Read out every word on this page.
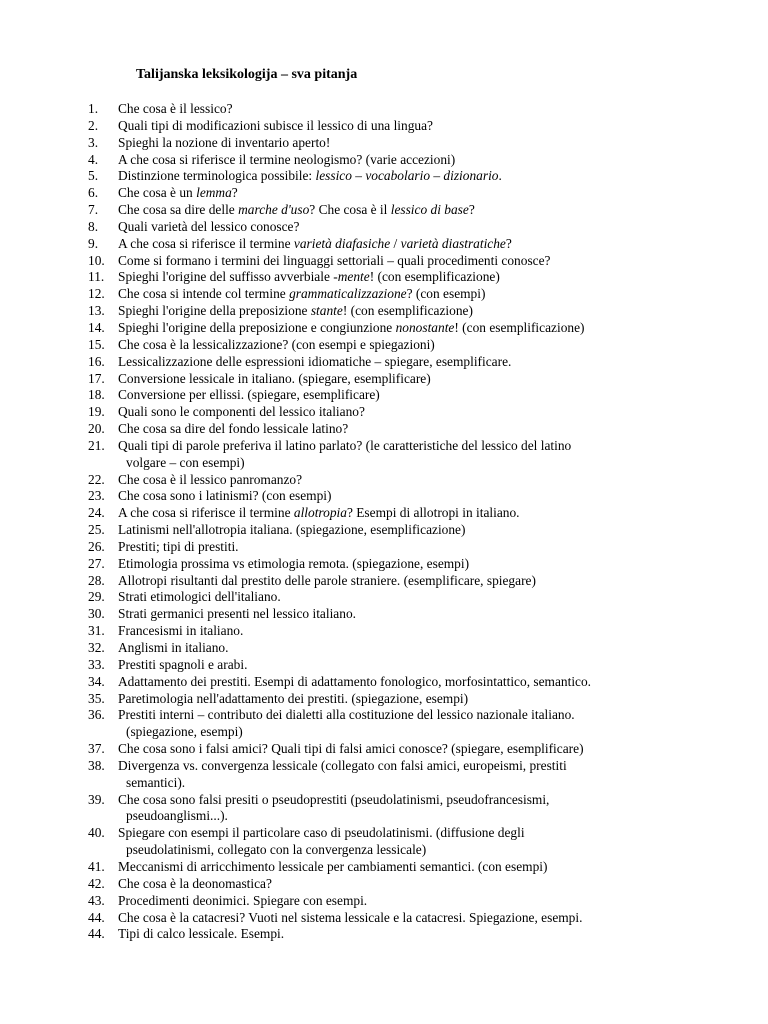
Talijanska leksikologija – sva pitanja
1. Che cosa è il lessico?
2. Quali tipi di modificazioni subisce il lessico di una lingua?
3. Spieghi la nozione di inventario aperto!
4. A che cosa si riferisce il termine neologismo? (varie accezioni)
5. Distinzione terminologica possibile: lessico – vocabolario – dizionario.
6. Che cosa è un lemma?
7. Che cosa sa dire delle marche d'uso? Che cosa è il lessico di base?
8. Quali varietà del lessico conosce?
9. A che cosa si riferisce il termine varietà diafasiche / varietà diastratiche?
10. Come si formano i termini dei linguaggi settoriali – quali procedimenti conosce?
11. Spieghi l'origine del suffisso avverbiale -mente! (con esemplificazione)
12. Che cosa si intende col termine grammaticalizzazione? (con esempi)
13. Spieghi l'origine della preposizione stante! (con esemplificazione)
14. Spieghi l'origine della preposizione e congiunzione nonostante! (con esemplificazione)
15. Che cosa è la lessicalizzazione? (con esempi e spiegazioni)
16. Lessicalizzazione delle espressioni idiomatiche – spiegare, esemplificare.
17. Conversione lessicale in italiano. (spiegare, esemplificare)
18. Conversione per ellissi. (spiegare, esemplificare)
19. Quali sono le componenti del lessico italiano?
20. Che cosa sa dire del fondo lessicale latino?
21. Quali tipi di parole preferiva il latino parlato? (le caratteristiche del lessico del latino
volgare – con esempi)
22. Che cosa è il lessico panromanzo?
23. Che cosa sono i latinismi? (con esempi)
24. A che cosa si riferisce il termine allotropia? Esempi di allotropi in italiano.
25. Latinismi nell'allotropia italiana. (spiegazione, esemplificazione)
26. Prestiti; tipi di prestiti.
27. Etimologia prossima vs etimologia remota. (spiegazione, esempi)
28. Allotropi risultanti dal prestito delle parole straniere. (esemplificare, spiegare)
29. Strati etimologici dell'italiano.
30. Strati germanici presenti nel lessico italiano.
31. Francesismi in italiano.
32. Anglismi in italiano.
33. Prestiti spagnoli e arabi.
34. Adattamento dei prestiti. Esempi di adattamento fonologico, morfosintattico, semantico.
35. Paretimologia nell'adattamento dei prestiti. (spiegazione, esempi)
36. Prestiti interni – contributo dei dialetti alla costituzione del lessico nazionale italiano.
(spiegazione, esempi)
37. Che cosa sono i falsi amici? Quali tipi di falsi amici conosce? (spiegare, esemplificare)
38. Divergenza vs. convergenza lessicale (collegato con falsi amici, europeismi, prestiti
semantici).
39. Che cosa sono falsi presiti o pseudoprestiti (pseudolatinismi, pseudofrancesismi,
pseudoanglismi...).
40. Spiegare con esempi il particolare caso di pseudolatinismi. (diffusione degli
pseudolatinismi, collegato con la convergenza lessicale)
41. Meccanismi di arricchimento lessicale per cambiamenti semantici. (con esempi)
42. Che cosa è la deonomastica?
43. Procedimenti deonimici. Spiegare con esempi.
44. Che cosa è la catacresi? Vuoti nel sistema lessicale e la catacresi. Spiegazione, esempi.
44. Tipi di calco lessicale. Esempi.
